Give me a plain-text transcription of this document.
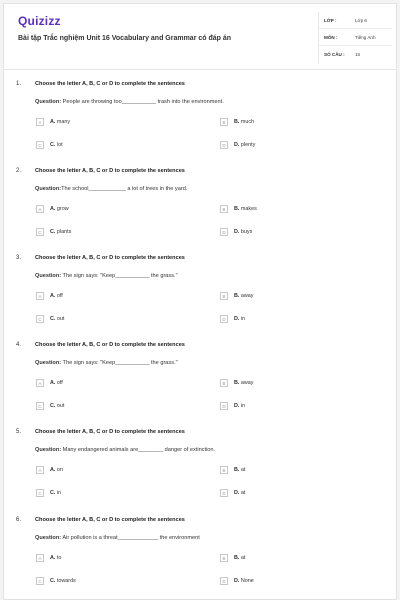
Quizizz
Bài tập Trắc nghiệm Unit 16 Vocabulary and Grammar có đáp án
LỚP :	Lớp 6
MÔN :	Tiếng Anh
SỐ CÂU :	15
1. Choose the letter A, B, C or D to complete the sentences
Question: People are throwing too___________ trash into the environment.
A	A. many	B	B. much
C	C. lot	D	D. plenty
2. Choose the letter A, B, C or D to complete the sentences
Question:The school____________ a lot of trees in the yard.
A	A. grow	B	B. makes
C	C. plants	D	D. buys
3. Choose the letter A, B, C or D to complete the sentences
Question: The sign says: "Keep___________ the grass."
A	A. off	B	B. away
C	C. out	D	D. in
4. Choose the letter A, B, C or D to complete the sentences
Question: The sign says: "Keep___________ the grass."
A	A. off	B	B. away
C	C. out	D	D. in
5. Choose the letter A, B, C or D to complete the sentences
Question: Many endangered animals are________ danger of extinction.
A	A. on	B	B. at
C	C. in	D	D. at
6. Choose the letter A, B, C or D to complete the sentences
Question: Air pollution is a threat_____________ the environment
A	A. to	B	B. at
C	C. towards	D	D. None
